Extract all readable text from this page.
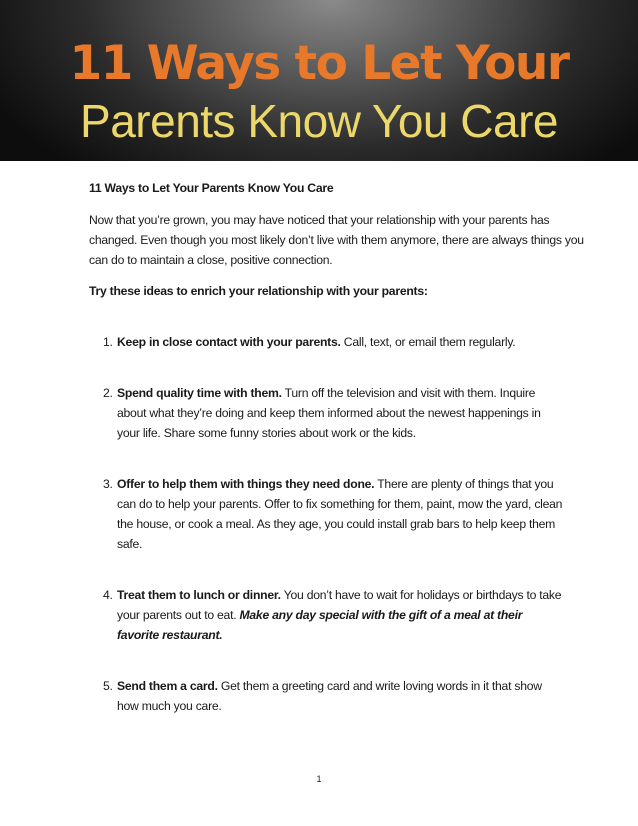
11 Ways to Let Your
Parents Know You Care

11 Ways to Let Your Parents Know You Care

Now that you’re grown, you may have noticed that your relationship with your parents has changed. Even though you most likely don’t live with them anymore, there are always things you can do to maintain a close, positive connection.

Try these ideas to enrich your relationship with your parents:

1. Keep in close contact with your parents. Call, text, or email them regularly.
2. Spend quality time with them. Turn off the television and visit with them. Inquire about what they’re doing and keep them informed about the newest happenings in your life. Share some funny stories about work or the kids.
3. Offer to help them with things they need done. There are plenty of things that you can do to help your parents. Offer to fix something for them, paint, mow the yard, clean the house, or cook a meal. As they age, you could install grab bars to help keep them safe.
4. Treat them to lunch or dinner. You don’t have to wait for holidays or birthdays to take your parents out to eat. Make any day special with the gift of a meal at their favorite restaurant.
5. Send them a card. Get them a greeting card and write loving words in it that show how much you care.
1
